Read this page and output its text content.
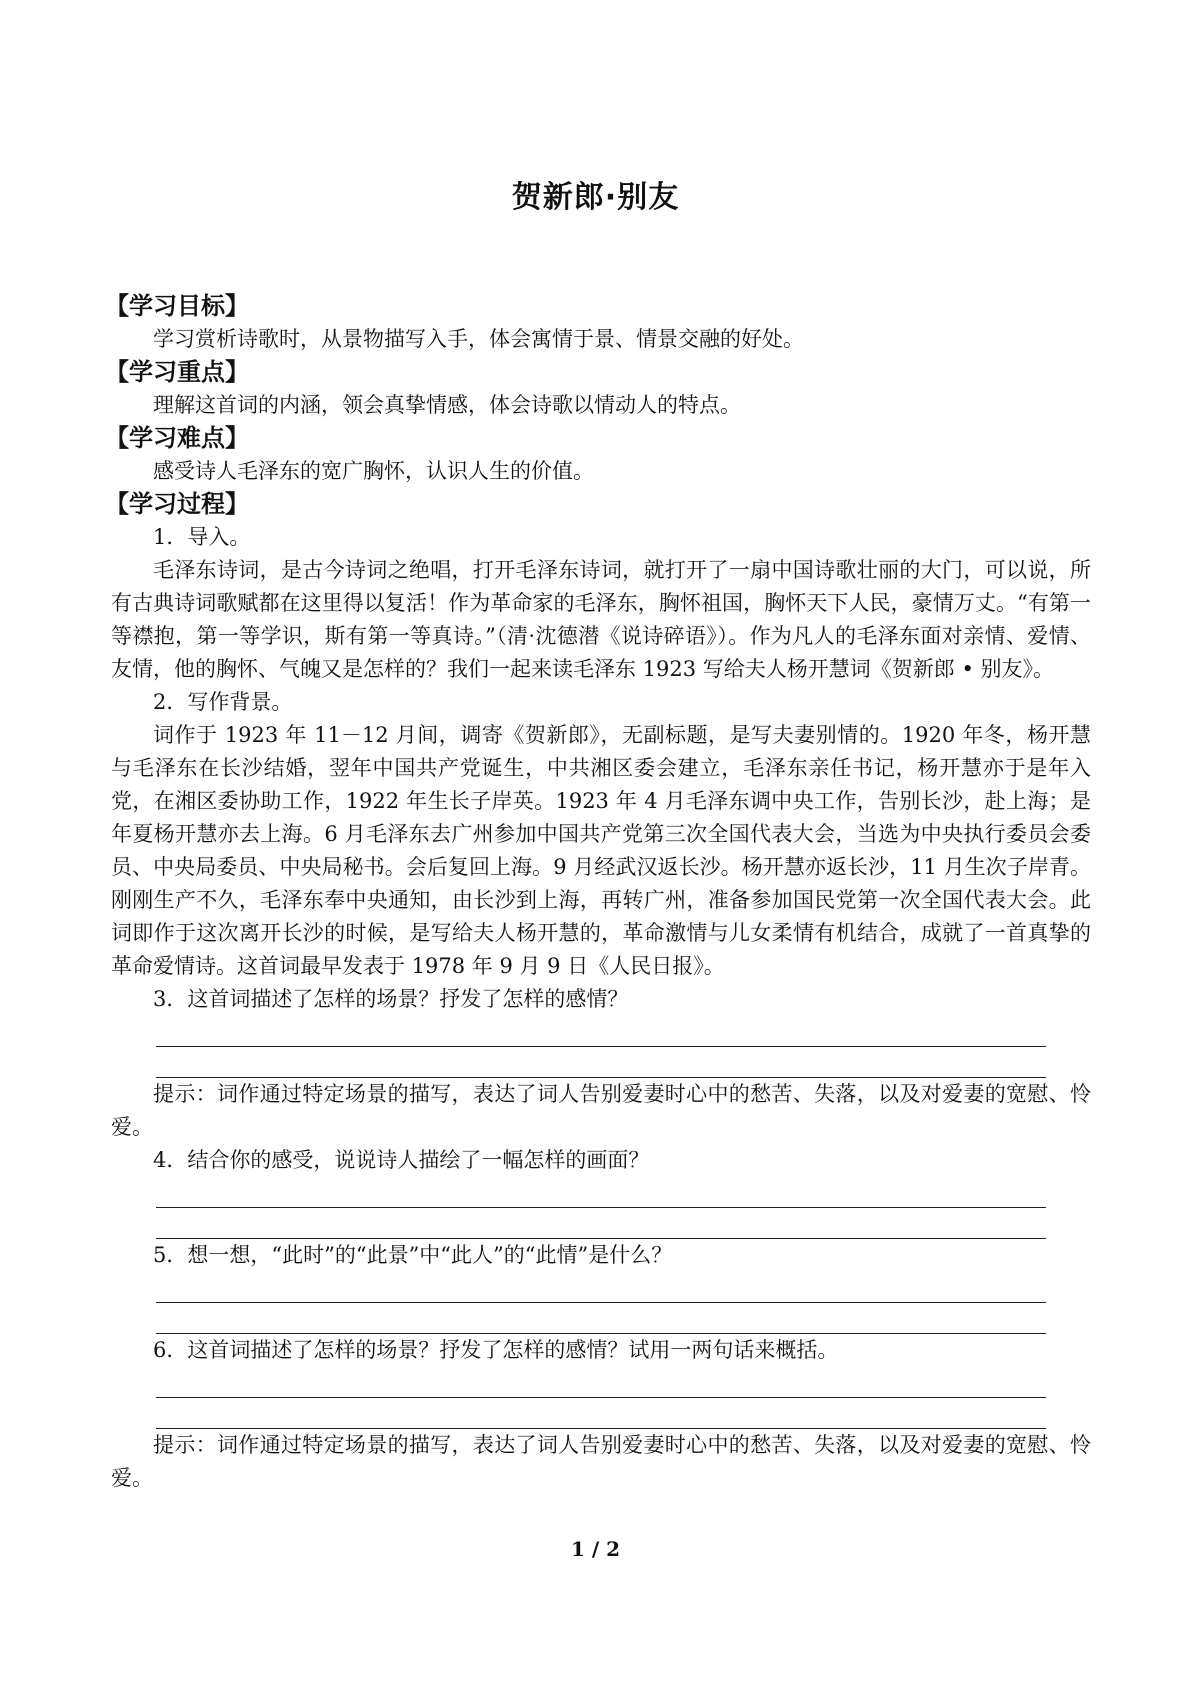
贺新郎·别友
【学习目标】
学习赏析诗歌时，从景物描写入手，体会寓情于景、情景交融的好处。
【学习重点】
理解这首词的内涵，领会真挚情感，体会诗歌以情动人的特点。
【学习难点】
感受诗人毛泽东的宽广胸怀，认识人生的价值。
【学习过程】
1．导入。
毛泽东诗词，是古今诗词之绝唱，打开毛泽东诗词，就打开了一扇中国诗歌壮丽的大门，可以说，所有古典诗词歌赋都在这里得以复活！作为革命家的毛泽东，胸怀祖国，胸怀天下人民，豪情万丈。“有第一等襟抱，第一等学识，斯有第一等真诗。”（清·沈德潜《说诗碎语》）。作为凡人的毛泽东面对亲情、爱情、友情，他的胸怀、气魄又是怎样的？我们一起来读毛泽东 1923 写给夫人杨开慧词《贺新郎 • 别友》。
2．写作背景。
词作于 1923 年 11－12 月间，调寄《贺新郎》，无副标题，是写夫妻别情的。1920 年冬，杨开慧与毛泽东在长沙结婚，翌年中国共产党诞生，中共湘区委会建立，毛泽东亲任书记，杨开慧亦于是年入党，在湘区委协助工作，1922 年生长子岸英。1923 年 4 月毛泽东调中央工作，告别长沙，赴上海；是年夏杨开慧亦去上海。6 月毛泽东去广州参加中国共产党第三次全国代表大会，当选为中央执行委员会委员、中央局委员、中央局秘书。会后复回上海。9 月经武汉返长沙。杨开慧亦返长沙，11 月生次子岸青。刚刚生产不久，毛泽东奉中央通知，由长沙到上海，再转广州，准备参加国民党第一次全国代表大会。此词即作于这次离开长沙的时候，是写给夫人杨开慧的，革命激情与儿女柔情有机结合，成就了一首真挚的革命爱情诗。这首词最早发表于 1978 年 9 月 9 日《人民日报》。
3．这首词描述了怎样的场景？抒发了怎样的感情？
提示：词作通过特定场景的描写，表达了词人告别爱妻时心中的愁苦、失落，以及对爱妻的宽慰、怜爱。
4．结合你的感受，说说诗人描绘了一幅怎样的画面？
5．想一想，“此时”的“此景”中“此人”的“此情”是什么？
6．这首词描述了怎样的场景？抒发了怎样的感情？试用一两句话来概括。
提示：词作通过特定场景的描写，表达了词人告别爱妻时心中的愁苦、失落，以及对爱妻的宽慰、怜爱。
1 / 2
